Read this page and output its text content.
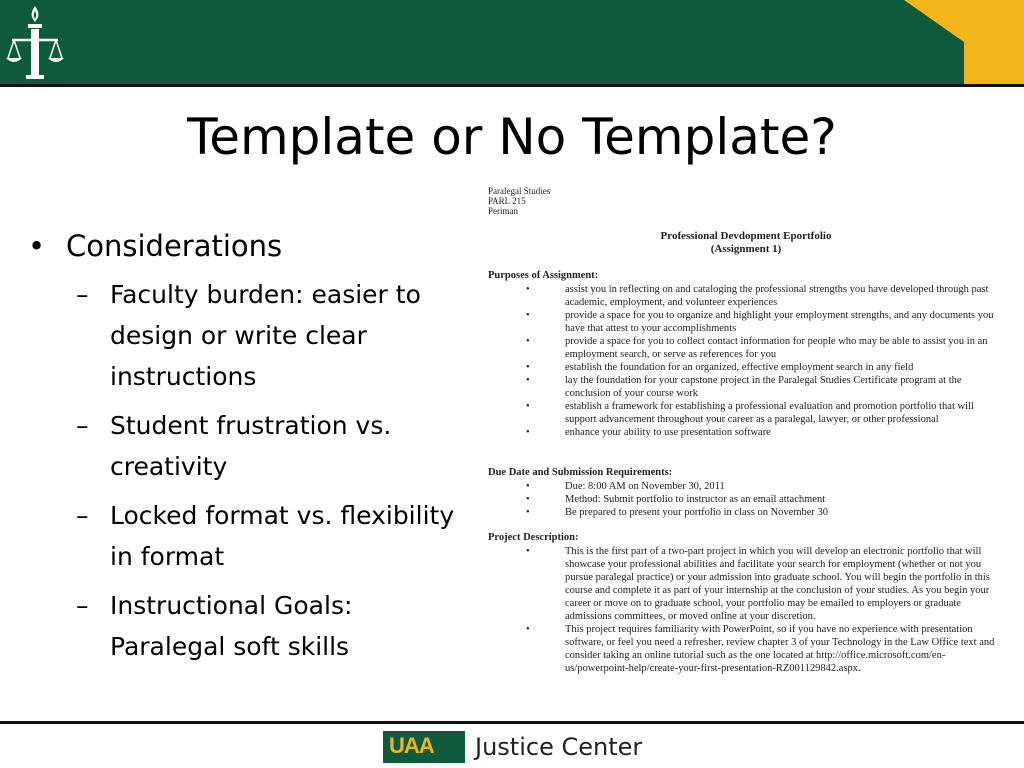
Template or No Template?
• Considerations
– Faculty burden: easier to design or write clear instructions
– Student frustration vs. creativity
– Locked format vs. flexibility in format
– Instructional Goals: Paralegal soft skills
Paralegal Studies
PARL 215
Periman
Professional Devdopment Eportfolio
(Assignment 1)
Purposes of Assignment:
•	assist you in reflecting on and cataloging the professional strengths you have developed through past academic, employment, and volunteer experiences
•	provide a space for you to organize and highlight your employment strengths, and any documents you have that attest to your accomplishments
•	provide a space for you to collect contact information for people who may be able to assist you in an employment search, or serve as references for you
•	establish the foundation for an organized, effective employment search in any field
•	lay the foundation for your capstone project in the Paralegal Studies Certificate program at the conclusion of your course work
•	establish a framework for establishing a professional evaluation and promotion portfolio that will support advancement throughout your career as a paralegal, lawyer, or other professional
•	enhance your ability to use presentation software
Due Date and Submission Requirements:
•	Due: 8:00 AM on November 30, 2011
•	Method: Submit portfolio to instructor as an email attachment
•	Be prepared to present your portfolio in class on November 30
Project Description:
•	This is the first part of a two-part project in which you will develop an electronic portfolio that will showcase your professional abilities and facilitate your search for employment (whether or not you pursue paralegal practice) or your admission into graduate school. You will begin the portfolio in this course and complete it as part of your internship at the conclusion of your studies. As you begin your career or move on to graduate school, your portfolio may be emailed to employers or graduate admissions committees, or moved online at your discretion.
•	This project requires familiarity with PowerPoint, so if you have no experience with presentation software, or feel you need a refresher, review chapter 3 of your Technology in the Law Office text and consider taking an online tutorial such as the one located at http://office.microsoft.com/en-us/powerpoint-help/create-your-first-presentation-RZ001129842.aspx.
UAA Justice Center
